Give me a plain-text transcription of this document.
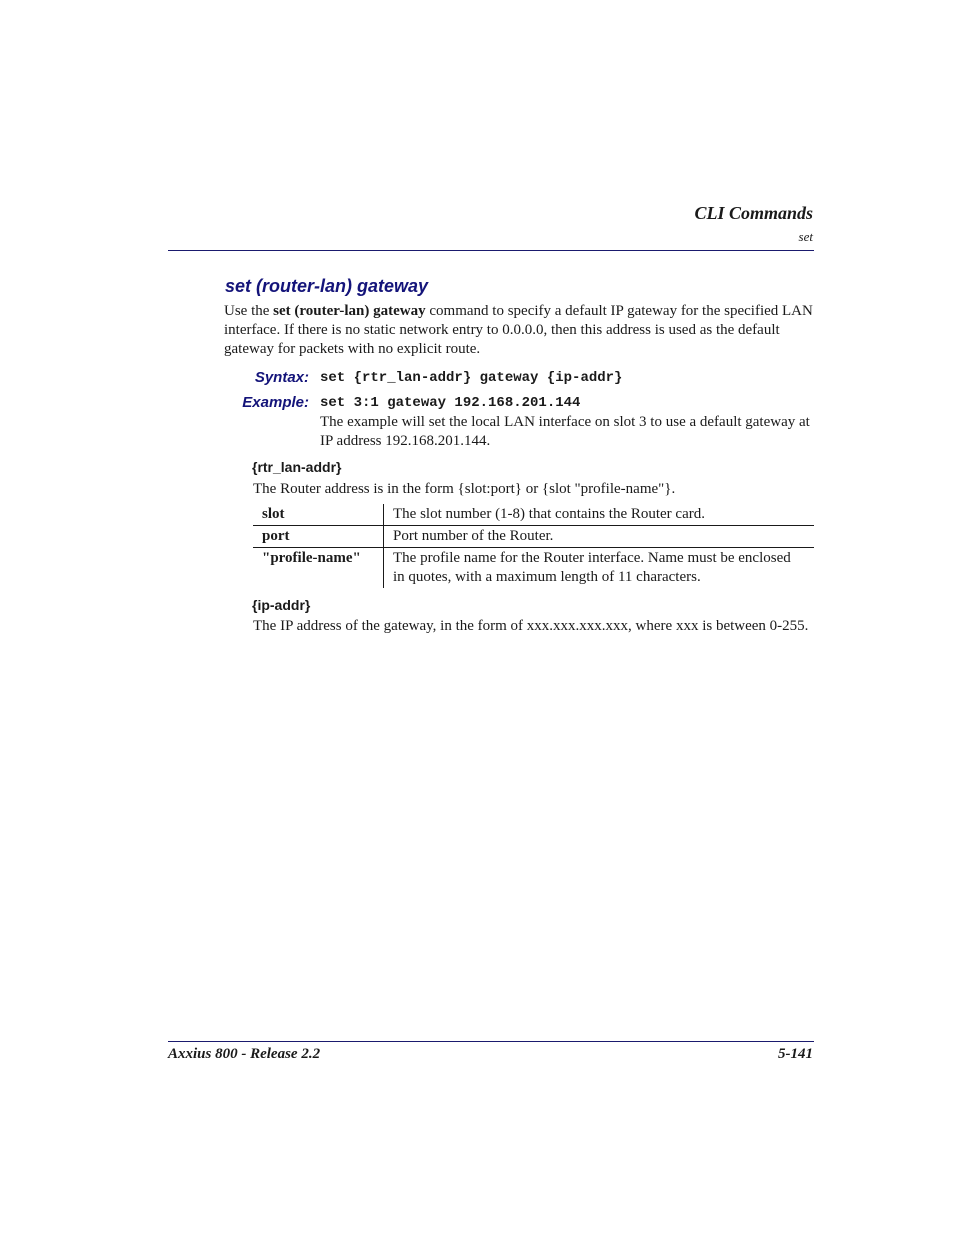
CLI Commands
set
set (router-lan) gateway
Use the set (router-lan) gateway command to specify a default IP gateway for the specified LAN interface. If there is no static network entry to 0.0.0.0, then this address is used as the default gateway for packets with no explicit route.
Syntax: set {rtr_lan-addr} gateway {ip-addr}
Example: set 3:1 gateway 192.168.201.144
The example will set the local LAN interface on slot 3 to use a default gateway at IP address 192.168.201.144.
{rtr_lan-addr}
The Router address is in the form {slot:port} or {slot "profile-name"}.
slot	The slot number (1-8) that contains the Router card.
port	Port number of the Router.
"profile-name"	The profile name for the Router interface. Name must be enclosed in quotes, with a maximum length of 11 characters.
{ip-addr}
The IP address of the gateway, in the form of xxx.xxx.xxx.xxx, where xxx is between 0-255.
Axxius 800 - Release 2.2	5-141
